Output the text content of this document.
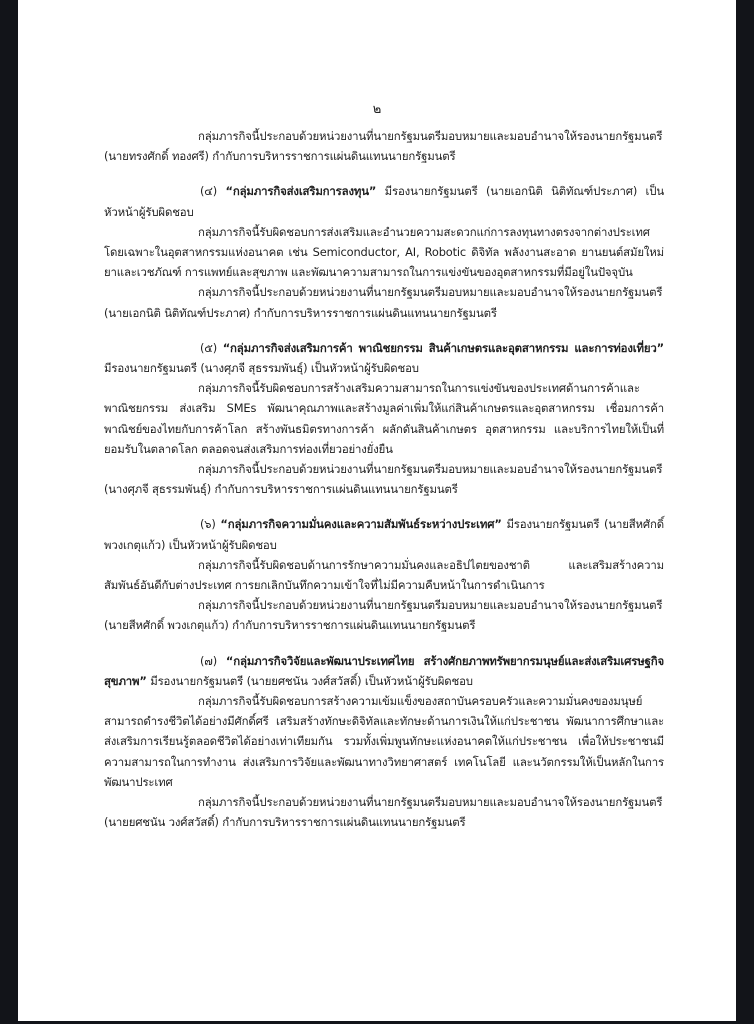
๒

กลุ่มภารกิจนี้ประกอบด้วยหน่วยงานที่นายกรัฐมนตรีมอบหมายและมอบอำนาจให้รองนายกรัฐมนตรี (นายทรงศักดิ์ ทองศรี) กำกับการบริหารราชการแผ่นดินแทนนายกรัฐมนตรี

(๔) “กลุ่มภารกิจส่งเสริมการลงทุน” มีรองนายกรัฐมนตรี (นายเอกนิติ นิติทัณฑ์ประภาศ) เป็นหัวหน้าผู้รับผิดชอบ

กลุ่มภารกิจนี้รับผิดชอบการส่งเสริมและอำนวยความสะดวกแก่การลงทุนทางตรงจากต่างประเทศ โดยเฉพาะในอุตสาหกรรมแห่งอนาคต เช่น Semiconductor, AI, Robotic ดิจิทัล พลังงานสะอาด ยานยนต์สมัยใหม่ ยาและเวชภัณฑ์ การแพทย์และสุขภาพ และพัฒนาความสามารถในการแข่งขันของอุตสาหกรรมที่มีอยู่ในปัจจุบัน

กลุ่มภารกิจนี้ประกอบด้วยหน่วยงานที่นายกรัฐมนตรีมอบหมายและมอบอำนาจให้รองนายกรัฐมนตรี (นายเอกนิติ นิติทัณฑ์ประภาศ) กำกับการบริหารราชการแผ่นดินแทนนายกรัฐมนตรี

(๕) “กลุ่มภารกิจส่งเสริมการค้า พาณิชยกรรม สินค้าเกษตรและอุตสาหกรรม และการท่องเที่ยว” มีรองนายกรัฐมนตรี (นางศุภจี สุธรรมพันธุ์) เป็นหัวหน้าผู้รับผิดชอบ

กลุ่มภารกิจนี้รับผิดชอบการสร้างเสริมความสามารถในการแข่งขันของประเทศด้านการค้าและพาณิชยกรรม ส่งเสริม SMEs พัฒนาคุณภาพและสร้างมูลค่าเพิ่มให้แก่สินค้าเกษตรและอุตสาหกรรม เชื่อมการค้าพาณิชย์ของไทยกับการค้าโลก สร้างพันธมิตรทางการค้า ผลักดันสินค้าเกษตร อุตสาหกรรม และบริการไทยให้เป็นที่ยอมรับในตลาดโลก ตลอดจนส่งเสริมการท่องเที่ยวอย่างยั่งยืน

กลุ่มภารกิจนี้ประกอบด้วยหน่วยงานที่นายกรัฐมนตรีมอบหมายและมอบอำนาจให้รองนายกรัฐมนตรี (นางศุภจี สุธรรมพันธุ์) กำกับการบริหารราชการแผ่นดินแทนนายกรัฐมนตรี

(๖) “กลุ่มภารกิจความมั่นคงและความสัมพันธ์ระหว่างประเทศ” มีรองนายกรัฐมนตรี (นายสีหศักดิ์ พวงเกตุแก้ว) เป็นหัวหน้าผู้รับผิดชอบ

กลุ่มภารกิจนี้รับผิดชอบด้านการรักษาความมั่นคงและอธิปไตยของชาติ และเสริมสร้างความสัมพันธ์อันดีกับต่างประเทศ การยกเลิกบันทึกความเข้าใจที่ไม่มีความคืบหน้าในการดำเนินการ

กลุ่มภารกิจนี้ประกอบด้วยหน่วยงานที่นายกรัฐมนตรีมอบหมายและมอบอำนาจให้รองนายกรัฐมนตรี (นายสีหศักดิ์ พวงเกตุแก้ว) กำกับการบริหารราชการแผ่นดินแทนนายกรัฐมนตรี

(๗) “กลุ่มภารกิจวิจัยและพัฒนาประเทศไทย สร้างศักยภาพทรัพยากรมนุษย์และส่งเสริมเศรษฐกิจสุขภาพ” มีรองนายกรัฐมนตรี (นายยศชนัน วงศ์สวัสดิ์) เป็นหัวหน้าผู้รับผิดชอบ

กลุ่มภารกิจนี้รับผิดชอบการสร้างความเข้มแข็งของสถาบันครอบครัวและความมั่นคงของมนุษย์ สามารถดำรงชีวิตได้อย่างมีศักดิ์ศรี เสริมสร้างทักษะดิจิทัลและทักษะด้านการเงินให้แก่ประชาชน พัฒนาการศึกษาและส่งเสริมการเรียนรู้ตลอดชีวิตได้อย่างเท่าเทียมกัน รวมทั้งเพิ่มพูนทักษะแห่งอนาคตให้แก่ประชาชน เพื่อให้ประชาชนมีความสามารถในการทำงาน ส่งเสริมการวิจัยและพัฒนาทางวิทยาศาสตร์ เทคโนโลยี และนวัตกรรมให้เป็นหลักในการพัฒนาประเทศ

กลุ่มภารกิจนี้ประกอบด้วยหน่วยงานที่นายกรัฐมนตรีมอบหมายและมอบอำนาจให้รองนายกรัฐมนตรี (นายยศชนัน วงศ์สวัสดิ์) กำกับการบริหารราชการแผ่นดินแทนนายกรัฐมนตรี
